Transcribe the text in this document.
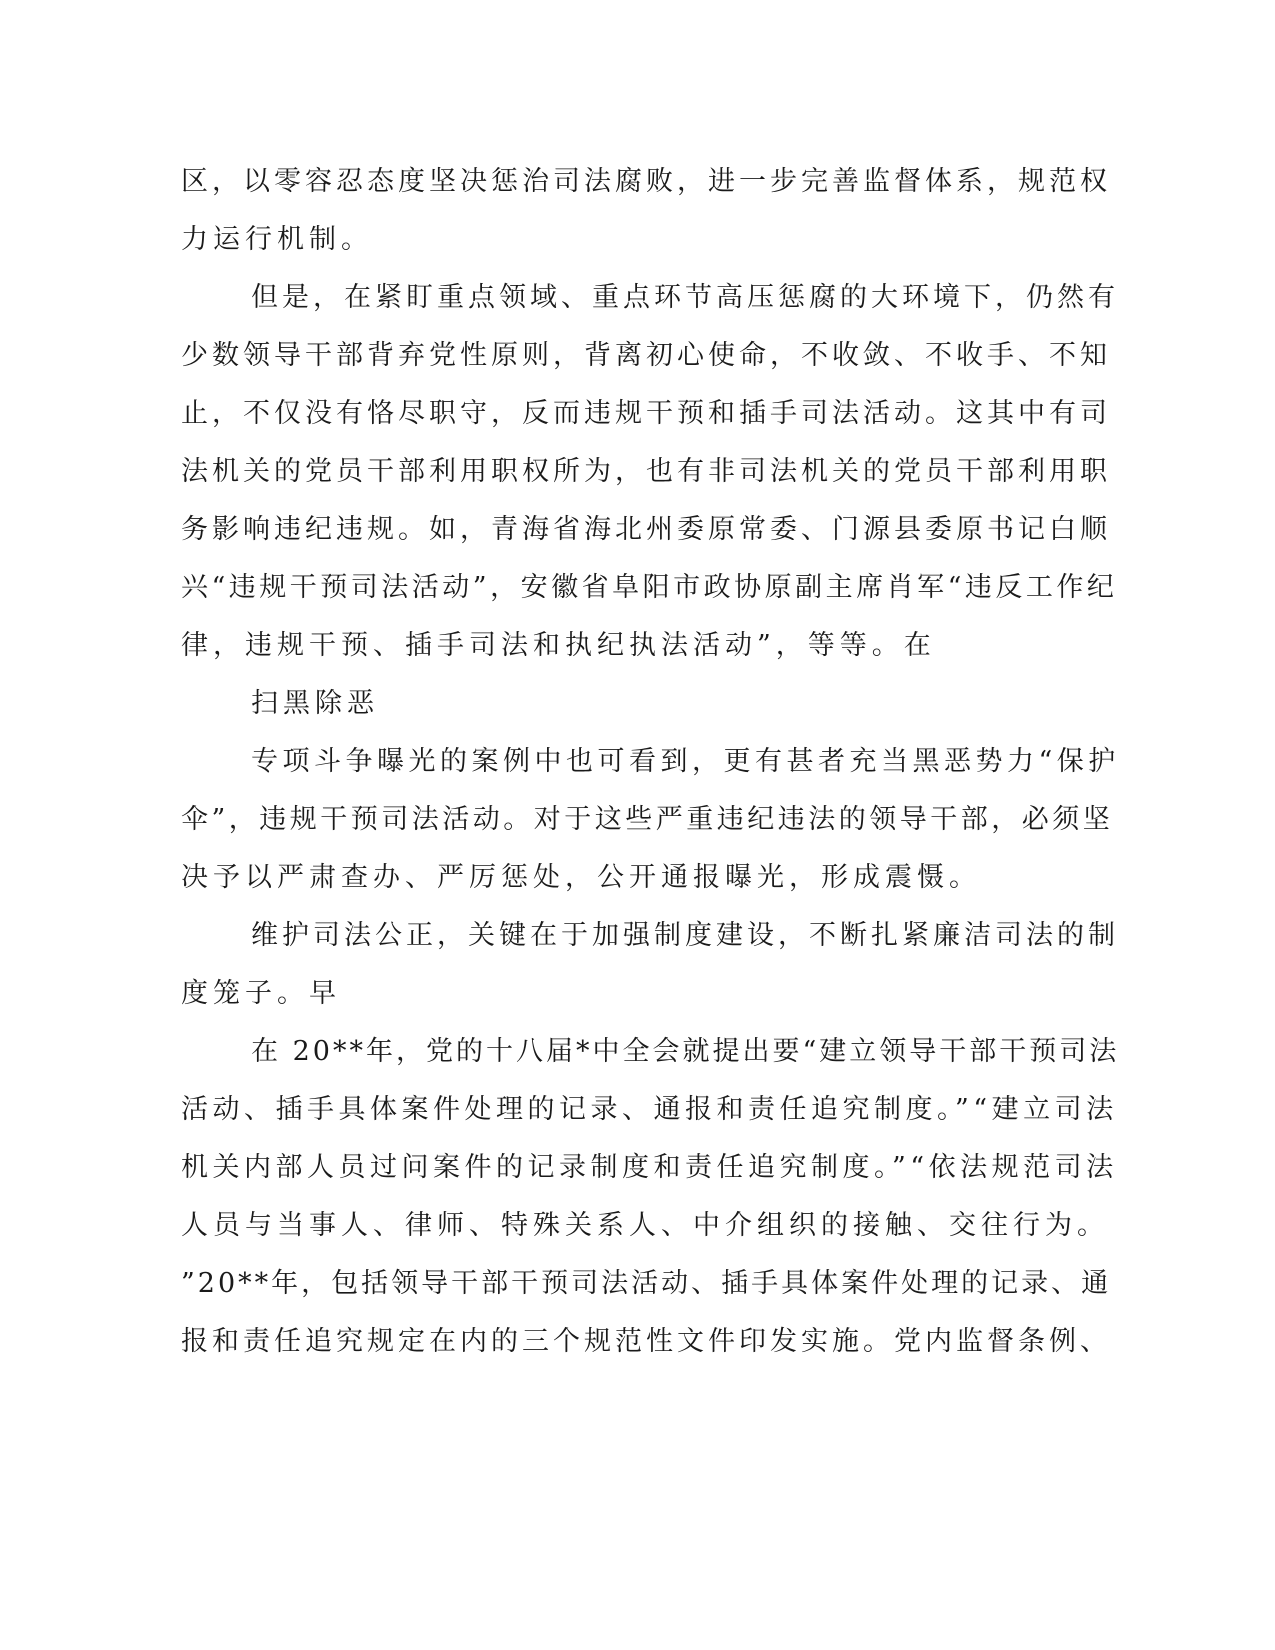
区，以零容忍态度坚决惩治司法腐败，进一步完善监督体系，规范权

力运行机制。

但是，在紧盯重点领域、重点环节高压惩腐的大环境下，仍然有

少数领导干部背弃党性原则，背离初心使命，不收敛、不收手、不知

止，不仅没有恪尽职守，反而违规干预和插手司法活动。这其中有司

法机关的党员干部利用职权所为，也有非司法机关的党员干部利用职

务影响违纪违规。如，青海省海北州委原常委、门源县委原书记白顺

兴“违规干预司法活动”，安徽省阜阳市政协原副主席肖军“违反工作纪

律，违规干预、插手司法和执纪执法活动”，等等。在

扫黑除恶

专项斗争曝光的案例中也可看到，更有甚者充当黑恶势力“保护

伞”，违规干预司法活动。对于这些严重违纪违法的领导干部，必须坚

决予以严肃查办、严厉惩处，公开通报曝光，形成震慑。

维护司法公正，关键在于加强制度建设，不断扎紧廉洁司法的制

度笼子。早

在 20**年，党的十八届*中全会就提出要“建立领导干部干预司法

活动、插手具体案件处理的记录、通报和责任追究制度。”“建立司法

机关内部人员过问案件的记录制度和责任追究制度。”“依法规范司法

人员与当事人、律师、特殊关系人、中介组织的接触、交往行为。

”20**年，包括领导干部干预司法活动、插手具体案件处理的记录、通

报和责任追究规定在内的三个规范性文件印发实施。党内监督条例、
